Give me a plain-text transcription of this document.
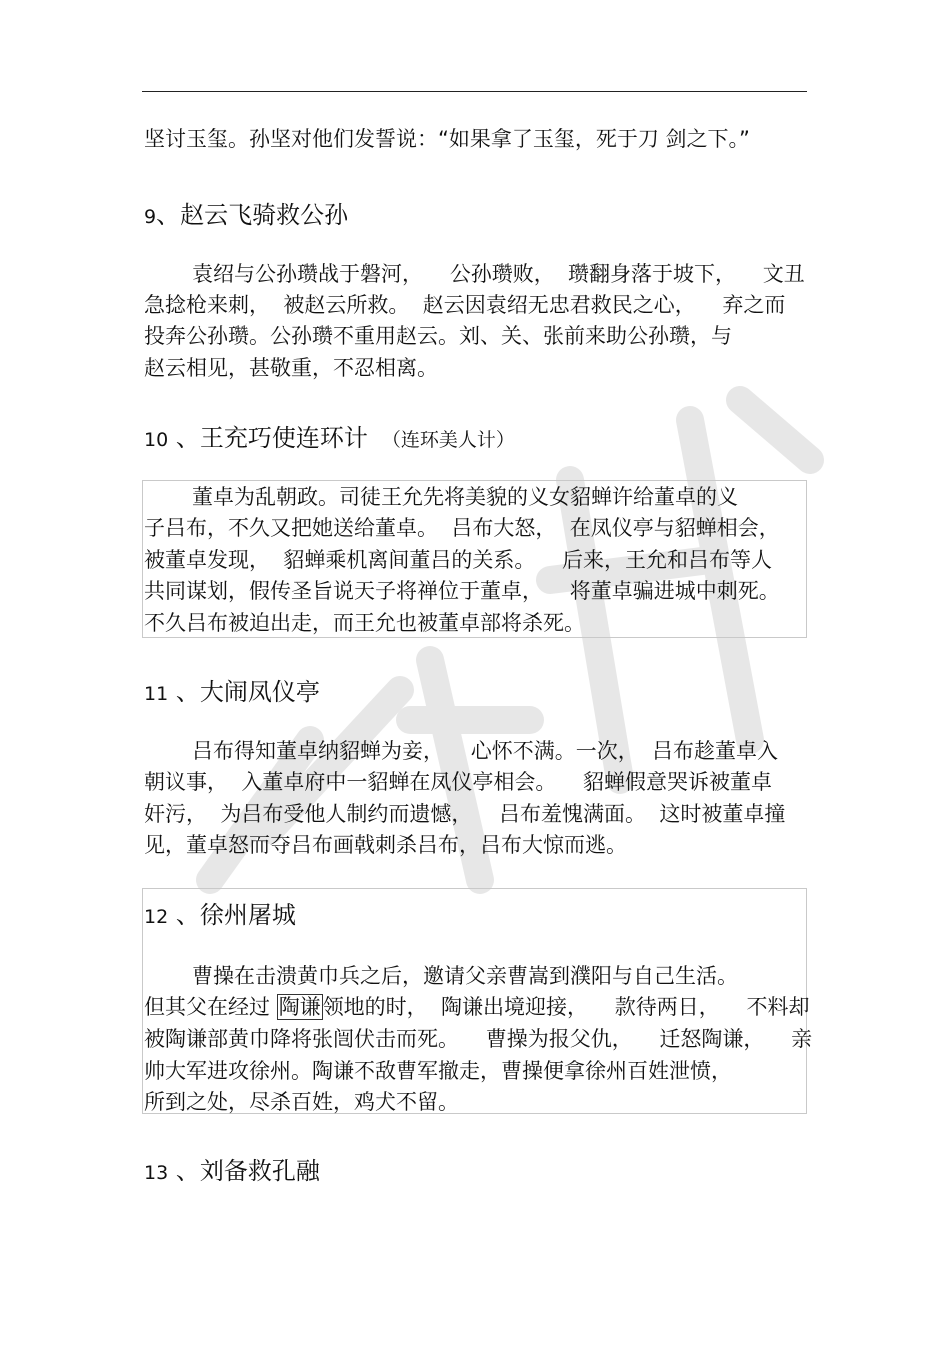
坚讨玉玺。孙坚对他们发誓说：“如果拿了玉玺，死于刀 剑之下。”
9、赵云飞骑救公孙
袁绍与公孙瓒战于磐河，    公孙瓒败，  瓒翻身落于坡下，    文丑
急捻枪来刺，  被赵云所救。  赵云因袁绍无忠君救民之心，    弃之而
投奔公孙瓒。公孙瓒不重用赵云。刘、关、张前来助公孙瓒，与
赵云相见，甚敬重，不忍相离。
10 、王充巧使连环计 （连环美人计）
董卓为乱朝政。司徒王允先将美貌的义女貂蝉许给董卓的义
子吕布，不久又把她送给董卓。  吕布大怒，  在凤仪亭与貂蝉相会，
被董卓发现，  貂蝉乘机离间董吕的关系。    后来，王允和吕布等人
共同谋划，假传圣旨说天子将禅位于董卓，    将董卓骗进城中刺死。
不久吕布被迫出走，而王允也被董卓部将杀死。
11 、大闹凤仪亭
吕布得知董卓纳貂蝉为妾，    心怀不满。一次，  吕布趁董卓入
朝议事，  入董卓府中一貂蝉在凤仪亭相会。    貂蝉假意哭诉被董卓
奸污，  为吕布受他人制约而遗憾，    吕布羞愧满面。  这时被董卓撞
见，董卓怒而夺吕布画戟刺杀吕布，吕布大惊而逃。
12 、徐州屠城
曹操在击溃黄巾兵之后，邀请父亲曹嵩到濮阳与自己生活。
但其父在经过 陶谦领地的时，  陶谦出境迎接，    款待两日，    不料却
被陶谦部黄巾降将张闿伏击而死。    曹操为报父仇，    迁怒陶谦，    亲
帅大军进攻徐州。陶谦不敌曹军撤走，曹操便拿徐州百姓泄愤，
所到之处，尽杀百姓，鸡犬不留。
13 、刘备救孔融
